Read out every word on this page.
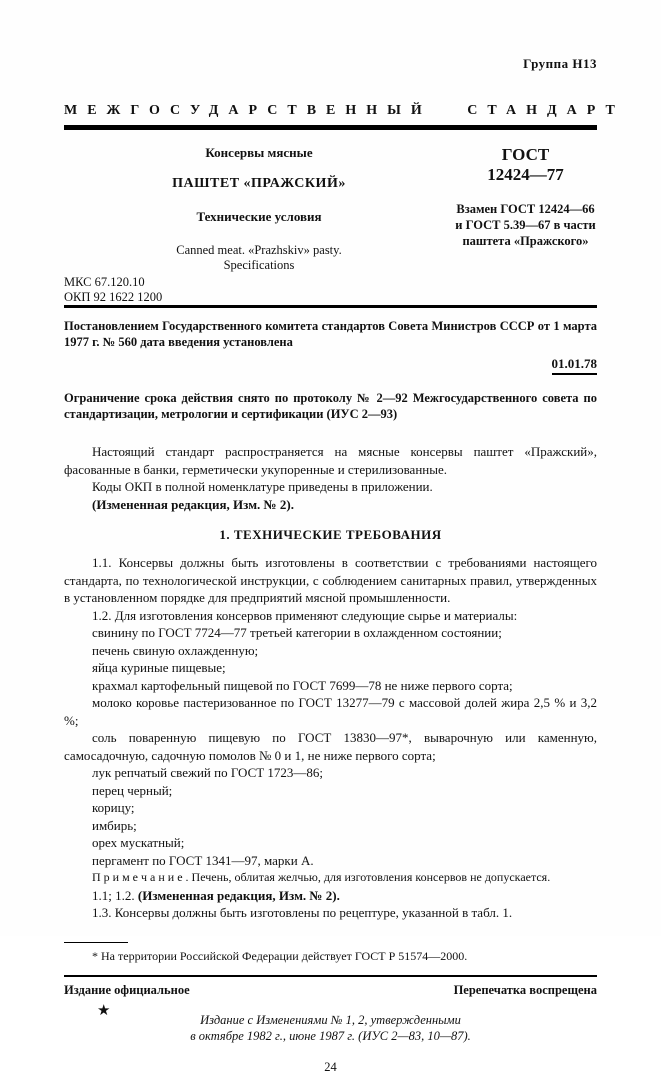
Группа Н13
МЕЖГОСУДАРСТВЕННЫЙ СТАНДАРТ
Консервы мясные
ПАШТЕТ «ПРАЖСКИЙ»
Технические условия
Canned meat. «Prazhskiv» pasty.
Specifications
ГОСТ
12424—77
Взамен ГОСТ 12424—66
и ГОСТ 5.39—67 в части
паштета «Пражского»
МКС 67.120.10
ОКП 92 1622 1200
Постановлением Государственного комитета стандартов Совета Министров СССР от 1 марта 1977 г. № 560 дата введения установлена
01.01.78
Ограничение срока действия снято по протоколу № 2—92 Межгосударственного совета по стандартизации, метрологии и сертификации (ИУС 2—93)

Настоящий стандарт распространяется на мясные консервы паштет «Пражский», фасованные в банки, герметически укупоренные и стерилизованные.

Коды ОКП в полной номенклатуре приведены в приложении.

(Измененная редакция, Изм. № 2).

1. ТЕХНИЧЕСКИЕ ТРЕБОВАНИЯ

1.1. Консервы должны быть изготовлены в соответствии с требованиями настоящего стандарта, по технологической инструкции, с соблюдением санитарных правил, утвержденных в установленном порядке для предприятий мясной промышленности.

1.2. Для изготовления консервов применяют следующие сырье и материалы:

свинину по ГОСТ 7724—77 третьей категории в охлажденном состоянии;

печень свиную охлажденную;

яйца куриные пищевые;

крахмал картофельный пищевой по ГОСТ 7699—78 не ниже первого сорта;

молоко коровье пастеризованное по ГОСТ 13277—79 с массовой долей жира 2,5 % и 3,2 %;

соль поваренную пищевую по ГОСТ 13830—97*, выварочную или каменную, самосадочную, садочную помолов № 0 и 1, не ниже первого сорта;

лук репчатый свежий по ГОСТ 1723—86;

перец черный;

корицу;

имбирь;

орех мускатный;

пергамент по ГОСТ 1341—97, марки А.

П р и м е ч а н и е . Печень, облитая желчью, для изготовления консервов не допускается.

1.1; 1.2. (Измененная редакция, Изм. № 2).

1.3. Консервы должны быть изготовлены по рецептуре, указанной в табл. 1.

* На территории Российской Федерации действует ГОСТ Р 51574—2000.
Издание официальное	Перепечатка воспрещена
★
Издание с Изменениями № 1, 2, утвержденными
в октябре 1982 г., июне 1987 г. (ИУС 2—83, 10—87).
24
